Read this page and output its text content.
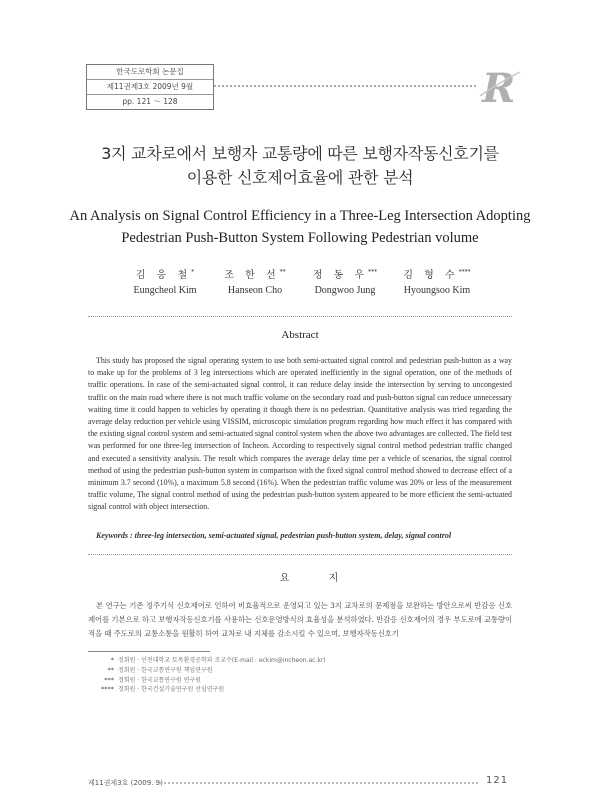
한국도로학회 논문집
제11권제3호 2009년 9월
pp. 121 ～ 128	R
3지 교차로에서 보행자 교통량에 따른 보행자작동신호기를
이용한 신호제어효율에 관한 분석
An Analysis on Signal Control Efficiency in a Three-Leg Intersection Adopting
Pedestrian Push-Button System Following Pedestrian volume
김 응 철*
Eungcheol Kim
조 한 선**
Hanseon Cho
정 동 우***
Dongwoo Jung
김 형 수****
Hyoungsoo Kim
Abstract
This study has proposed the signal operating system to use both semi-actuated signal control and pedestrian push-button as a way to make up for the problems of 3 leg intersections which are operated inefficiently in the signal operation, one of the methods of traffic operations. In case of the semi-actuated signal control, it can reduce delay inside the intersection by serving to uncongested traffic on the main road where there is not much traffic volume on the secondary road and push-button signal can reduce unnecessary waiting time it could happen to vehicles by operating it though there is no pedestrian. Quantitative analysis was tried regarding the average delay reduction per vehicle using VISSIM, microscopic simulation program regarding how much effect it has compared with the existing signal control system and semi-actuated signal control system when the above two advantages are collected. The field test was performed for one three-leg intersection of Incheon. According to respectively signal control method pedestrian traffic changed and executed a sensitivity analysis. The result which compares the average delay time per a vehicle of scenarios, the signal control method of using the pedestrian push-button system in comparison with the fixed signal control method showed to decrease effect of a minimum 3.7 second (10%), a maximum 5.8 second (16%). When the pedestrian traffic volume was 20% or less of the measurement traffic volume, The signal control method of using the pedestrian push-button system appeared to be more efficient the semi-actuated signal control with object intersection.
Keywords : three-leg intersection, semi-actuated signal, pedestrian push-button system, delay, signal control
요 지
본 연구는 기존 정주기식 신호제어로 인하여 비효율적으로 운영되고 있는 3지 교차로의 문제점을 보완하는 방안으로써 반감응 신호제어를 기본으로 하고 보행자작동신호기를 사용하는 신호운영방식의 효율성을 분석하였다. 반감응 신호제어의 경우 부도로에 교통량이 적을 때 주도로의 교통소통을 원활히 하여 교차로 내 지체를 감소시킬 수 있으며, 보행자작동신호기
* 정회원 · 인천대학교 토목환경공학과 조교수(E-mail : eckim@incheon.ac.kr)
** 정회원 · 한국교통연구원 책임연구원
*** 정회원 · 한국교통연구원 연구원
**** 정회원 · 한국건설기술연구원 선임연구원
제11권제3호 (2009. 9)	121
